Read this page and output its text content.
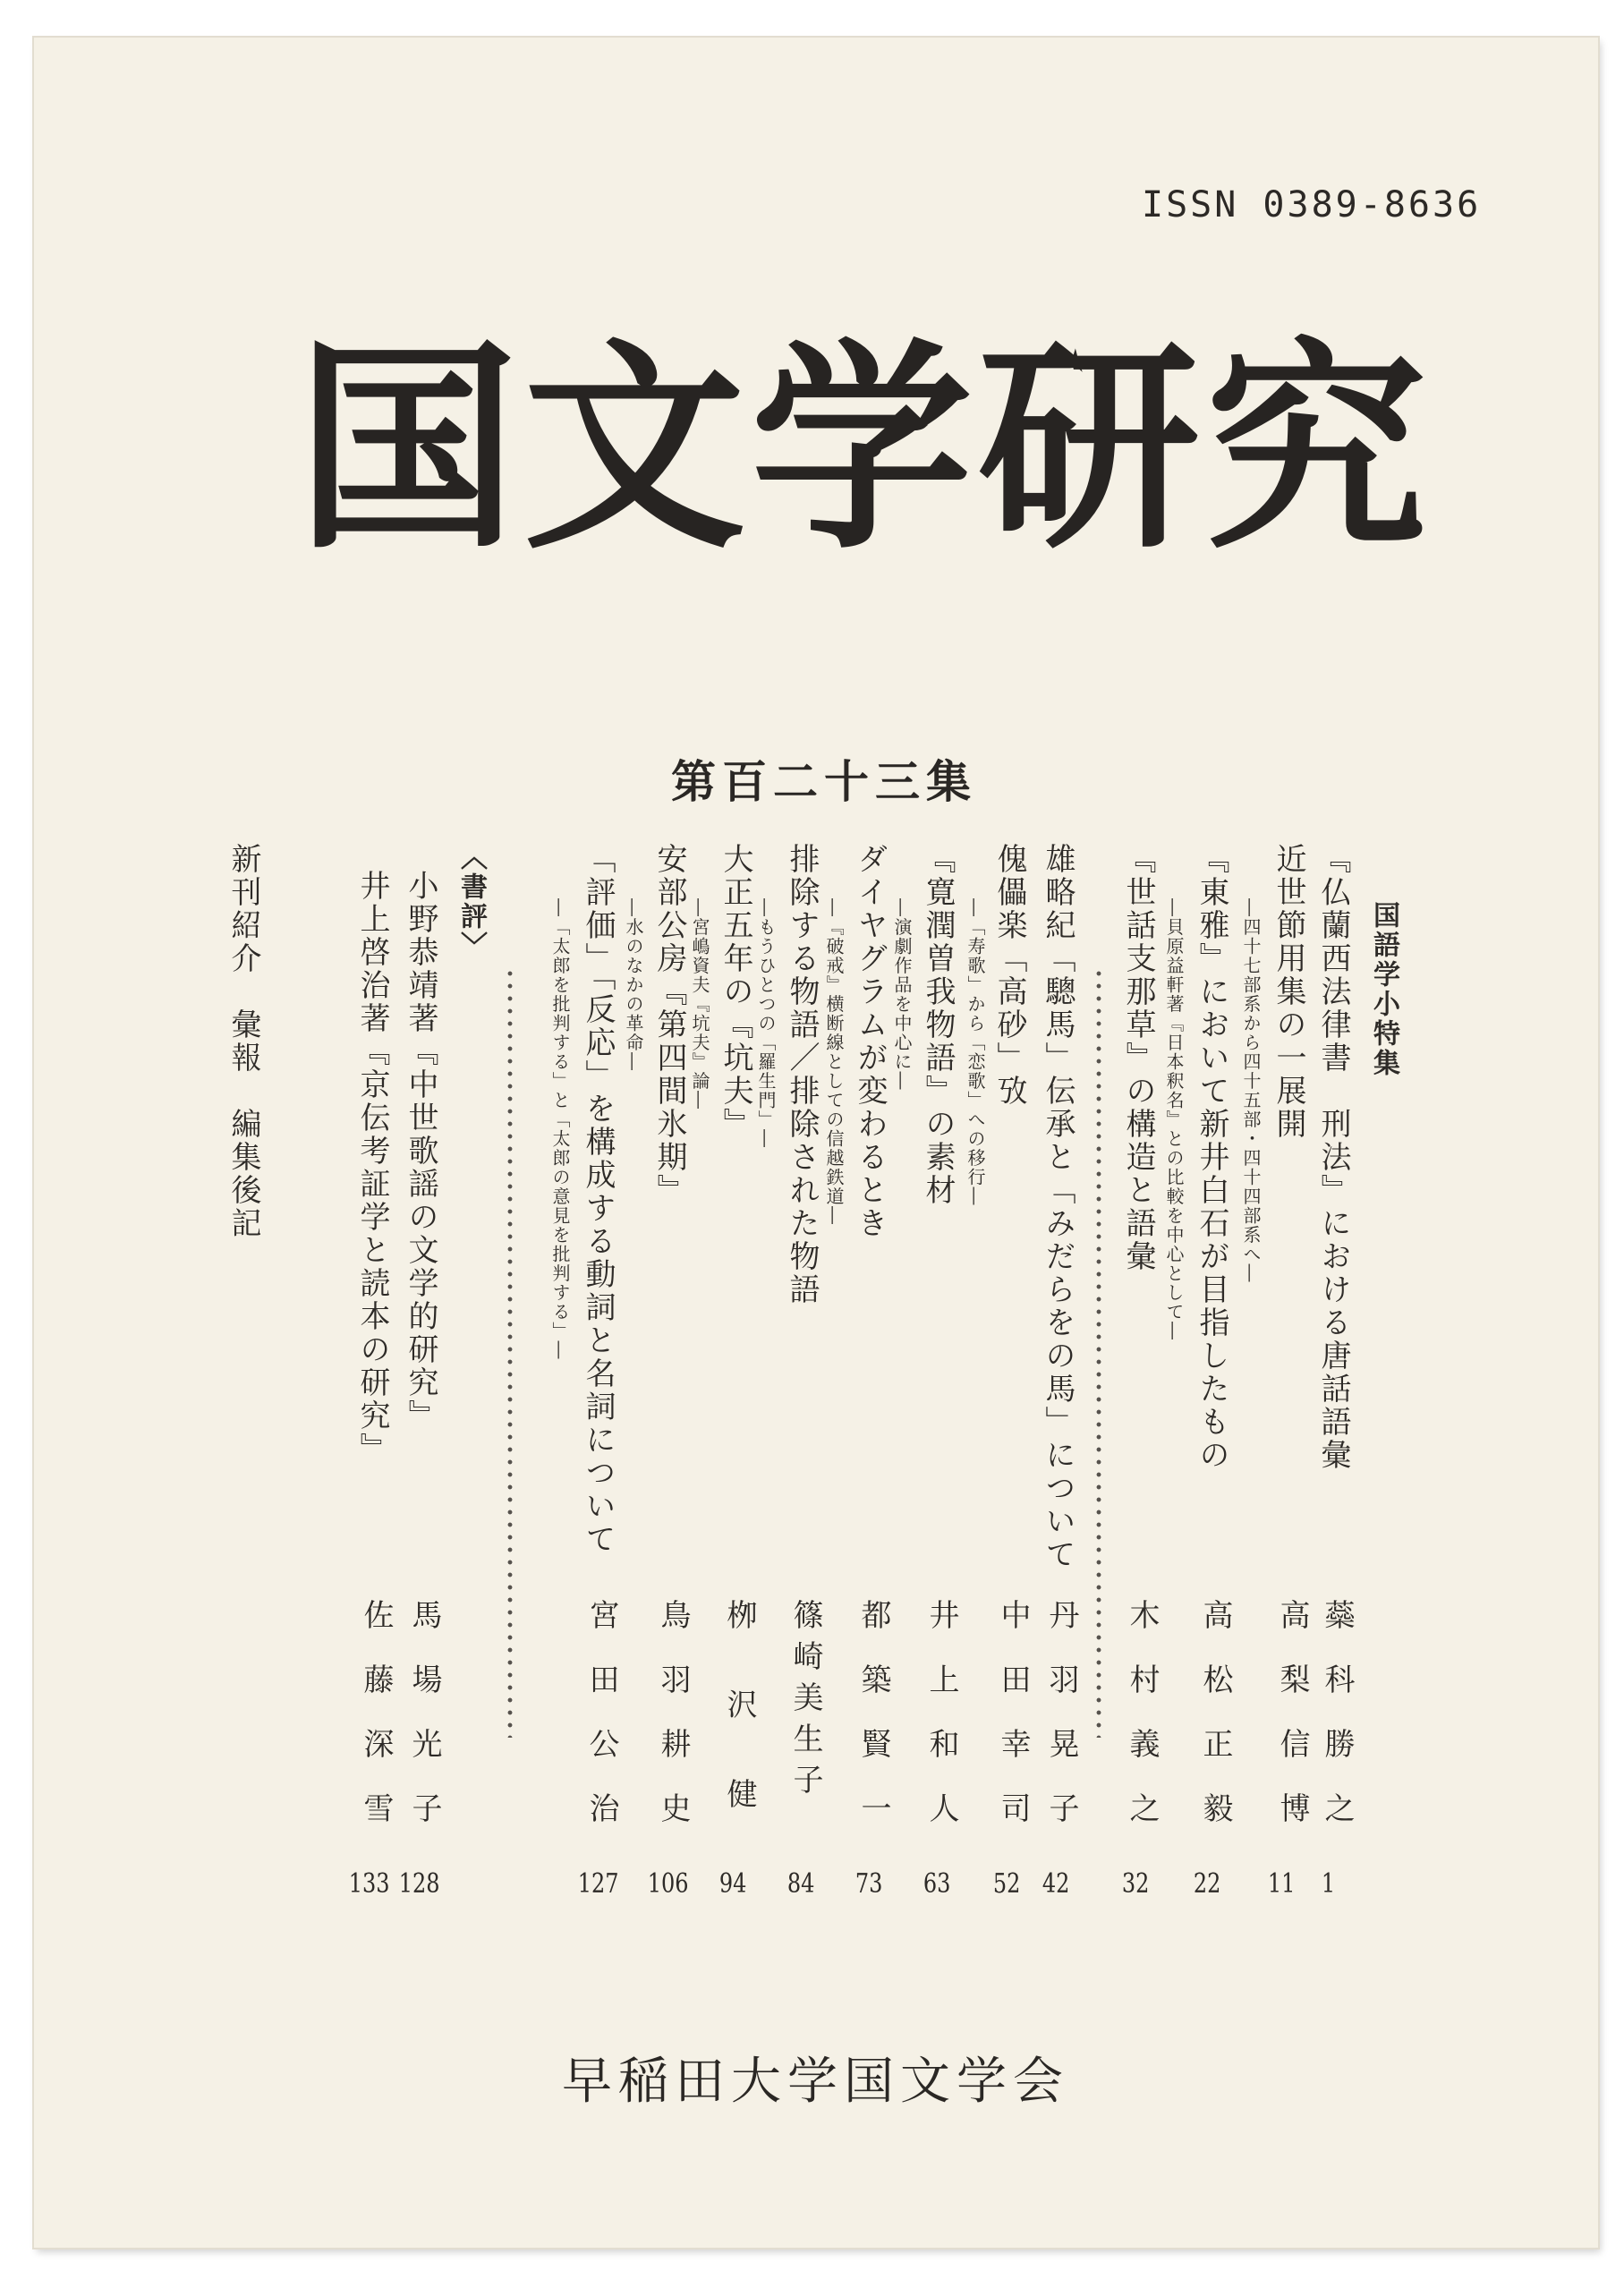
ISSN 0389-8636
国文学研究
第百二十三集
国語学小特集
『仏蘭西法律書　刑法』における唐話語彙
蘂科勝之
1
近世節用集の一展開
―四十七部系から四十五部・四十四部系へ―
高梨信博
11
『東雅』において新井白石が目指したもの
―貝原益軒著『日本釈名』との比較を中心として―
高松正毅
22
『世話支那草』の構造と語彙
木村義之
32
雄略紀「驄馬」伝承と「みだらをの馬」について
丹羽晃子
42
傀儡楽「高砂」攷
―「寿歌」から「恋歌」への移行―
中田幸司
52
『寛潤曽我物語』の素材
―演劇作品を中心に―
井上和人
63
ダイヤグラムが変わるとき
―『破戒』横断線としての信越鉄道―
都築賢一
73
排除する物語／排除された物語
―もうひとつの「羅生門」―
篠崎美生子
84
大正五年の『坑夫』
―宮嶋資夫『坑夫』論―
栁沢健
94
安部公房『第四間氷期』
―水のなかの革命―
鳥羽耕史
106
「評価」「反応」を構成する動詞と名詞について
―「太郎を批判する」と「太郎の意見を批判する」―
宮田公治
127
〈書評〉
小野恭靖著『中世歌謡の文学的研究』
馬場光子
128
井上啓治著『京伝考証学と読本の研究』
佐藤深雪
133
新刊紹介　彙報　編集後記
早稲田大学国文学会
